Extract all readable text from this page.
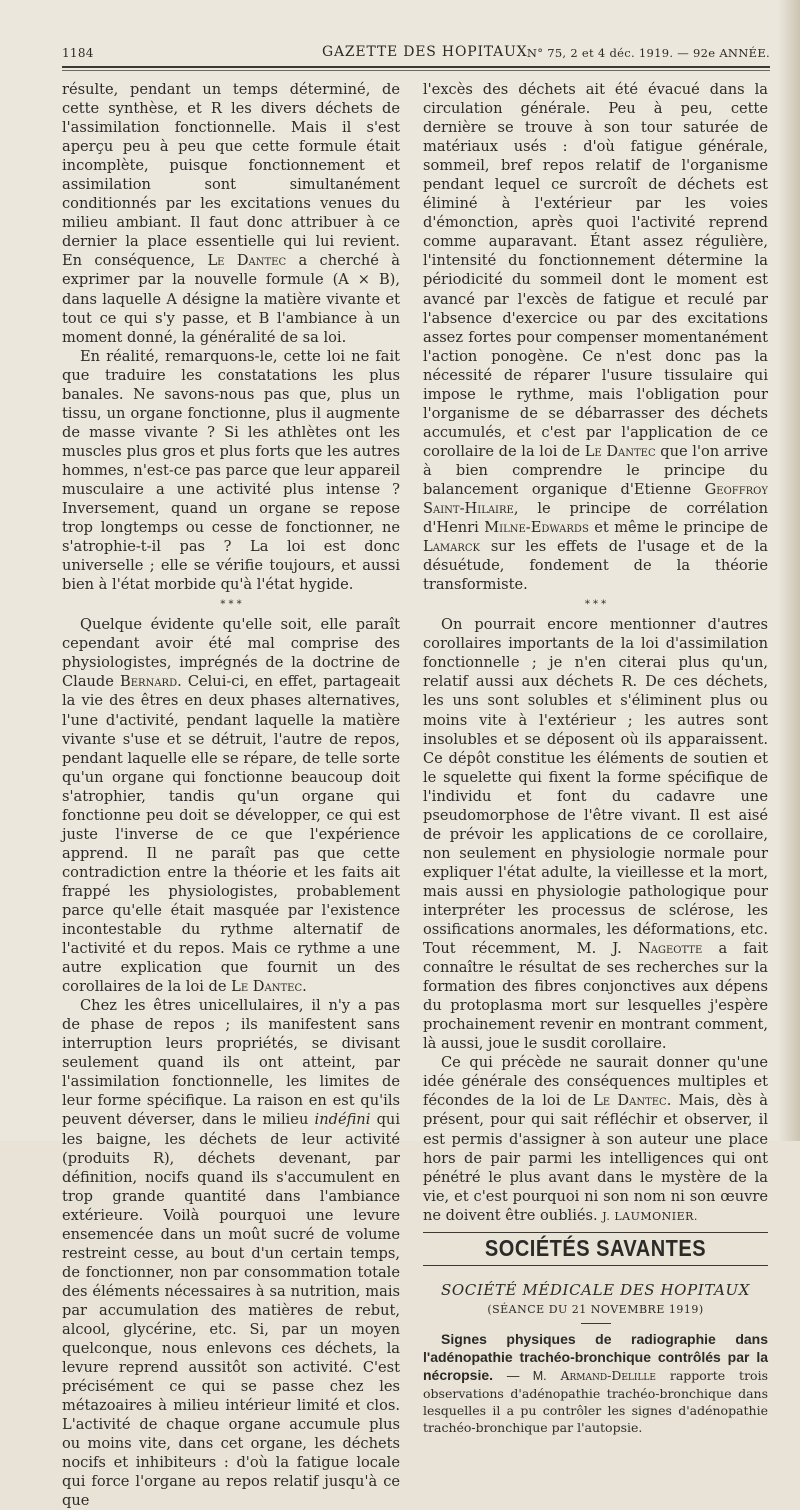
1184	GAZETTE DES HOPITAUX N° 75, 2 et 4 déc. 1919. — 92e ANNÉE.

résulte, pendant un temps déterminé, de cette synthèse, et R les divers déchets de l'assimilation fonctionnelle. Mais il s'est aperçu peu à peu que cette formule était incomplète, puisque fonctionnement et assimilation sont simultanément conditionnés par les excitations venues du milieu ambiant. Il faut donc attribuer à ce dernier la place essentielle qui lui revient. En conséquence, Le Dantec a cherché à exprimer par la nouvelle formule (A × B), dans laquelle A désigne la matière vivante et tout ce qui s'y passe, et B l'ambiance à un moment donné, la généralité de sa loi.

En réalité, remarquons-le, cette loi ne fait que traduire les constatations les plus banales. Ne savons-nous pas que, plus un tissu, un organe fonctionne, plus il augmente de masse vivante ? Si les athlètes ont les muscles plus gros et plus forts que les autres hommes, n'est-ce pas parce que leur appareil musculaire a une activité plus intense ? Inversement, quand un organe se repose trop longtemps ou cesse de fonctionner, ne s'atrophie-t-il pas ? La loi est donc universelle ; elle se vérifie toujours, et aussi bien à l'état morbide qu'à l'état hygide.

* * *

Quelque évidente qu'elle soit, elle paraît cependant avoir été mal comprise des physiologistes, imprégnés de la doctrine de Claude Bernard. Celui-ci, en effet, partageait la vie des êtres en deux phases alternatives, l'une d'activité, pendant laquelle la matière vivante s'use et se détruit, l'autre de repos, pendant laquelle elle se répare, de telle sorte qu'un organe qui fonctionne beaucoup doit s'atrophier, tandis qu'un organe qui fonctionne peu doit se développer, ce qui est juste l'inverse de ce que l'expérience apprend. Il ne paraît pas que cette contradiction entre la théorie et les faits ait frappé les physiologistes, probablement parce qu'elle était masquée par l'existence incontestable du rythme alternatif de l'activité et du repos. Mais ce rythme a une autre explication que fournit un des corollaires de la loi de Le Dantec.

Chez les êtres unicellulaires, il n'y a pas de phase de repos ; ils manifestent sans interruption leurs propriétés, se divisant seulement quand ils ont atteint, par l'assimilation fonctionnelle, les limites de leur forme spécifique. La raison en est qu'ils peuvent déverser, dans le milieu indéfini qui les baigne, les déchets de leur activité (produits R), déchets devenant, par définition, nocifs quand ils s'accumulent en trop grande quantité dans l'ambiance extérieure. Voilà pourquoi une levure ensemencée dans un moût sucré de volume restreint cesse, au bout d'un certain temps, de fonctionner, non par consommation totale des éléments nécessaires à sa nutrition, mais par accumulation des matières de rebut, alcool, glycérine, etc. Si, par un moyen quelconque, nous enlevons ces déchets, la levure reprend aussitôt son activité. C'est précisément ce qui se passe chez les métazoaires à milieu intérieur limité et clos. L'activité de chaque organe accumule plus ou moins vite, dans cet organe, les déchets nocifs et inhibiteurs : d'où la fatigue locale qui force l'organe au repos relatif jusqu'à ce que

l'excès des déchets ait été évacué dans la circulation générale. Peu à peu, cette dernière se trouve à son tour saturée de matériaux usés : d'où fatigue générale, sommeil, bref repos relatif de l'organisme pendant lequel ce surcroît de déchets est éliminé à l'extérieur par les voies d'émonction, après quoi l'activité reprend comme auparavant. Étant assez régulière, l'intensité du fonctionnement détermine la périodicité du sommeil dont le moment est avancé par l'excès de fatigue et reculé par l'absence d'exercice ou par des excitations assez fortes pour compenser momentanément l'action ponogène. Ce n'est donc pas la nécessité de réparer l'usure tissulaire qui impose le rythme, mais l'obligation pour l'organisme de se débarrasser des déchets accumulés, et c'est par l'application de ce corollaire de la loi de Le Dantec que l'on arrive à bien comprendre le principe du balancement organique d'Etienne Geoffroy Saint-Hilaire, le principe de corrélation d'Henri Milne-Edwards et même le principe de Lamarck sur les effets de l'usage et de la désuétude, fondement de la théorie transformiste.

* * *

On pourrait encore mentionner d'autres corollaires importants de la loi d'assimilation fonctionnelle ; je n'en citerai plus qu'un, relatif aussi aux déchets R. De ces déchets, les uns sont solubles et s'éliminent plus ou moins vite à l'extérieur ; les autres sont insolubles et se déposent où ils apparaissent. Ce dépôt constitue les éléments de soutien et le squelette qui fixent la forme spécifique de l'individu et font du cadavre une pseudomorphose de l'être vivant. Il est aisé de prévoir les applications de ce corollaire, non seulement en physiologie normale pour expliquer l'état adulte, la vieillesse et la mort, mais aussi en physiologie pathologique pour interpréter les processus de sclérose, les ossifications anormales, les déformations, etc. Tout récemment, M. J. Nageotte a fait connaître le résultat de ses recherches sur la formation des fibres conjonctives aux dépens du protoplasma mort sur lesquelles j'espère prochainement revenir en montrant comment, là aussi, joue le susdit corollaire.

Ce qui précède ne saurait donner qu'une idée générale des conséquences multiples et fécondes de la loi de Le Dantec. Mais, dès à présent, pour qui sait réfléchir et observer, il est permis d'assigner à son auteur une place hors de pair parmi les intelligences qui ont pénétré le plus avant dans le mystère de la vie, et c'est pourquoi ni son nom ni son œuvre ne doivent être oubliés. J. LAUMONIER.

SOCIÉTÉS SAVANTES
SOCIÉTÉ MÉDICALE DES HOPITAUX
(SÉANCE DU 21 NOVEMBRE 1919)

Signes physiques de radiographie dans l'adénopathie trachéo-bronchique contrôlés par la nécropsie. — M. Armand-Delille rapporte trois observations d'adénopathie trachéo-bronchique dans lesquelles il a pu contrôler les signes d'adénopathie trachéo-bronchique par l'autopsie.
